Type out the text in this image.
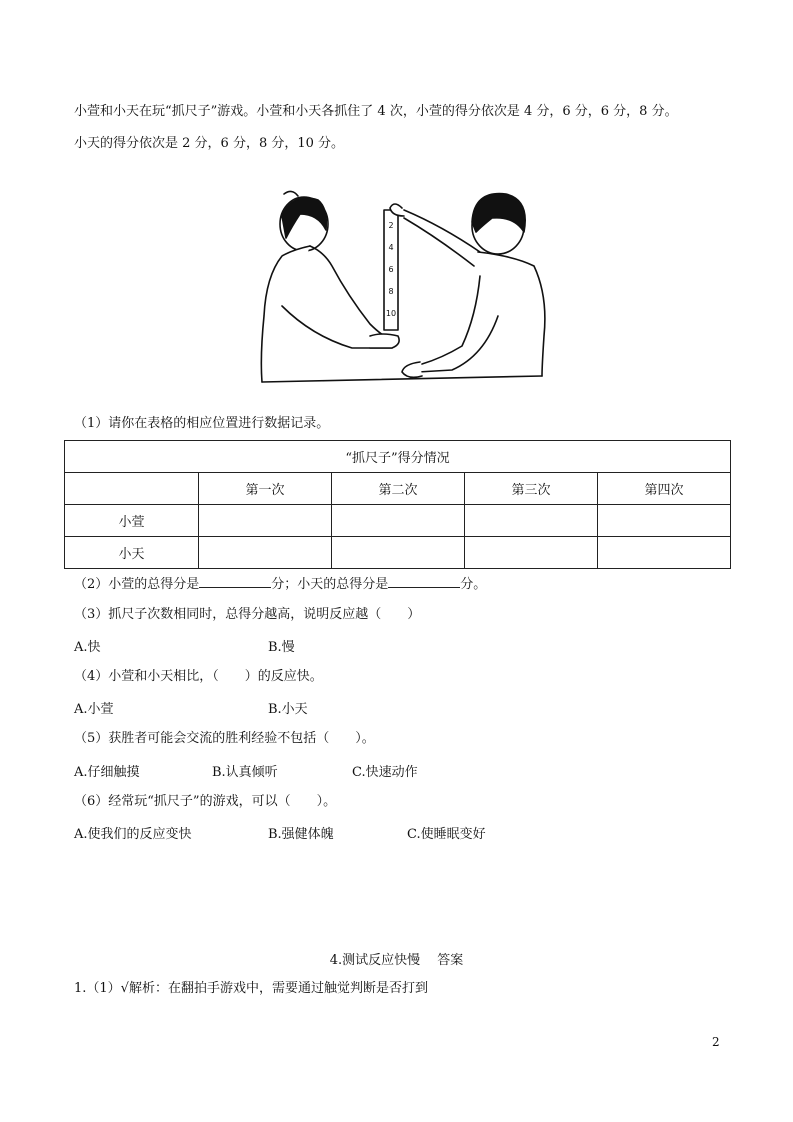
小萱和小天在玩“抓尺子”游戏。小萱和小天各抓住了 4 次，小萱的得分依次是 4 分，6 分，6 分，8 分。
小天的得分依次是 2 分，6 分，8 分，10 分。
2
4
6
8
10
（1）请你在表格的相应位置进行数据记录。
“抓尺子”得分情况				
	第一次	第二次	第三次	第四次
小萱				
小天				
（2）小萱的总得分是	分；小天的总得分是	分。
（3）抓尺子次数相同时，总得分越高，说明反应越（　　）
A.快	B.慢
（4）小萱和小天相比，（　　）的反应快。
A.小萱	B.小天
（5）获胜者可能会交流的胜利经验不包括（　　）。
A.仔细触摸	B.认真倾听	C.快速动作
（6）经常玩“抓尺子”的游戏，可以（　　）。
A.使我们的反应变快	B.强健体魄	C.使睡眠变好
4.测试反应快慢　 答案
1.（1）√解析：在翻拍手游戏中，需要通过触觉判断是否打到
2
